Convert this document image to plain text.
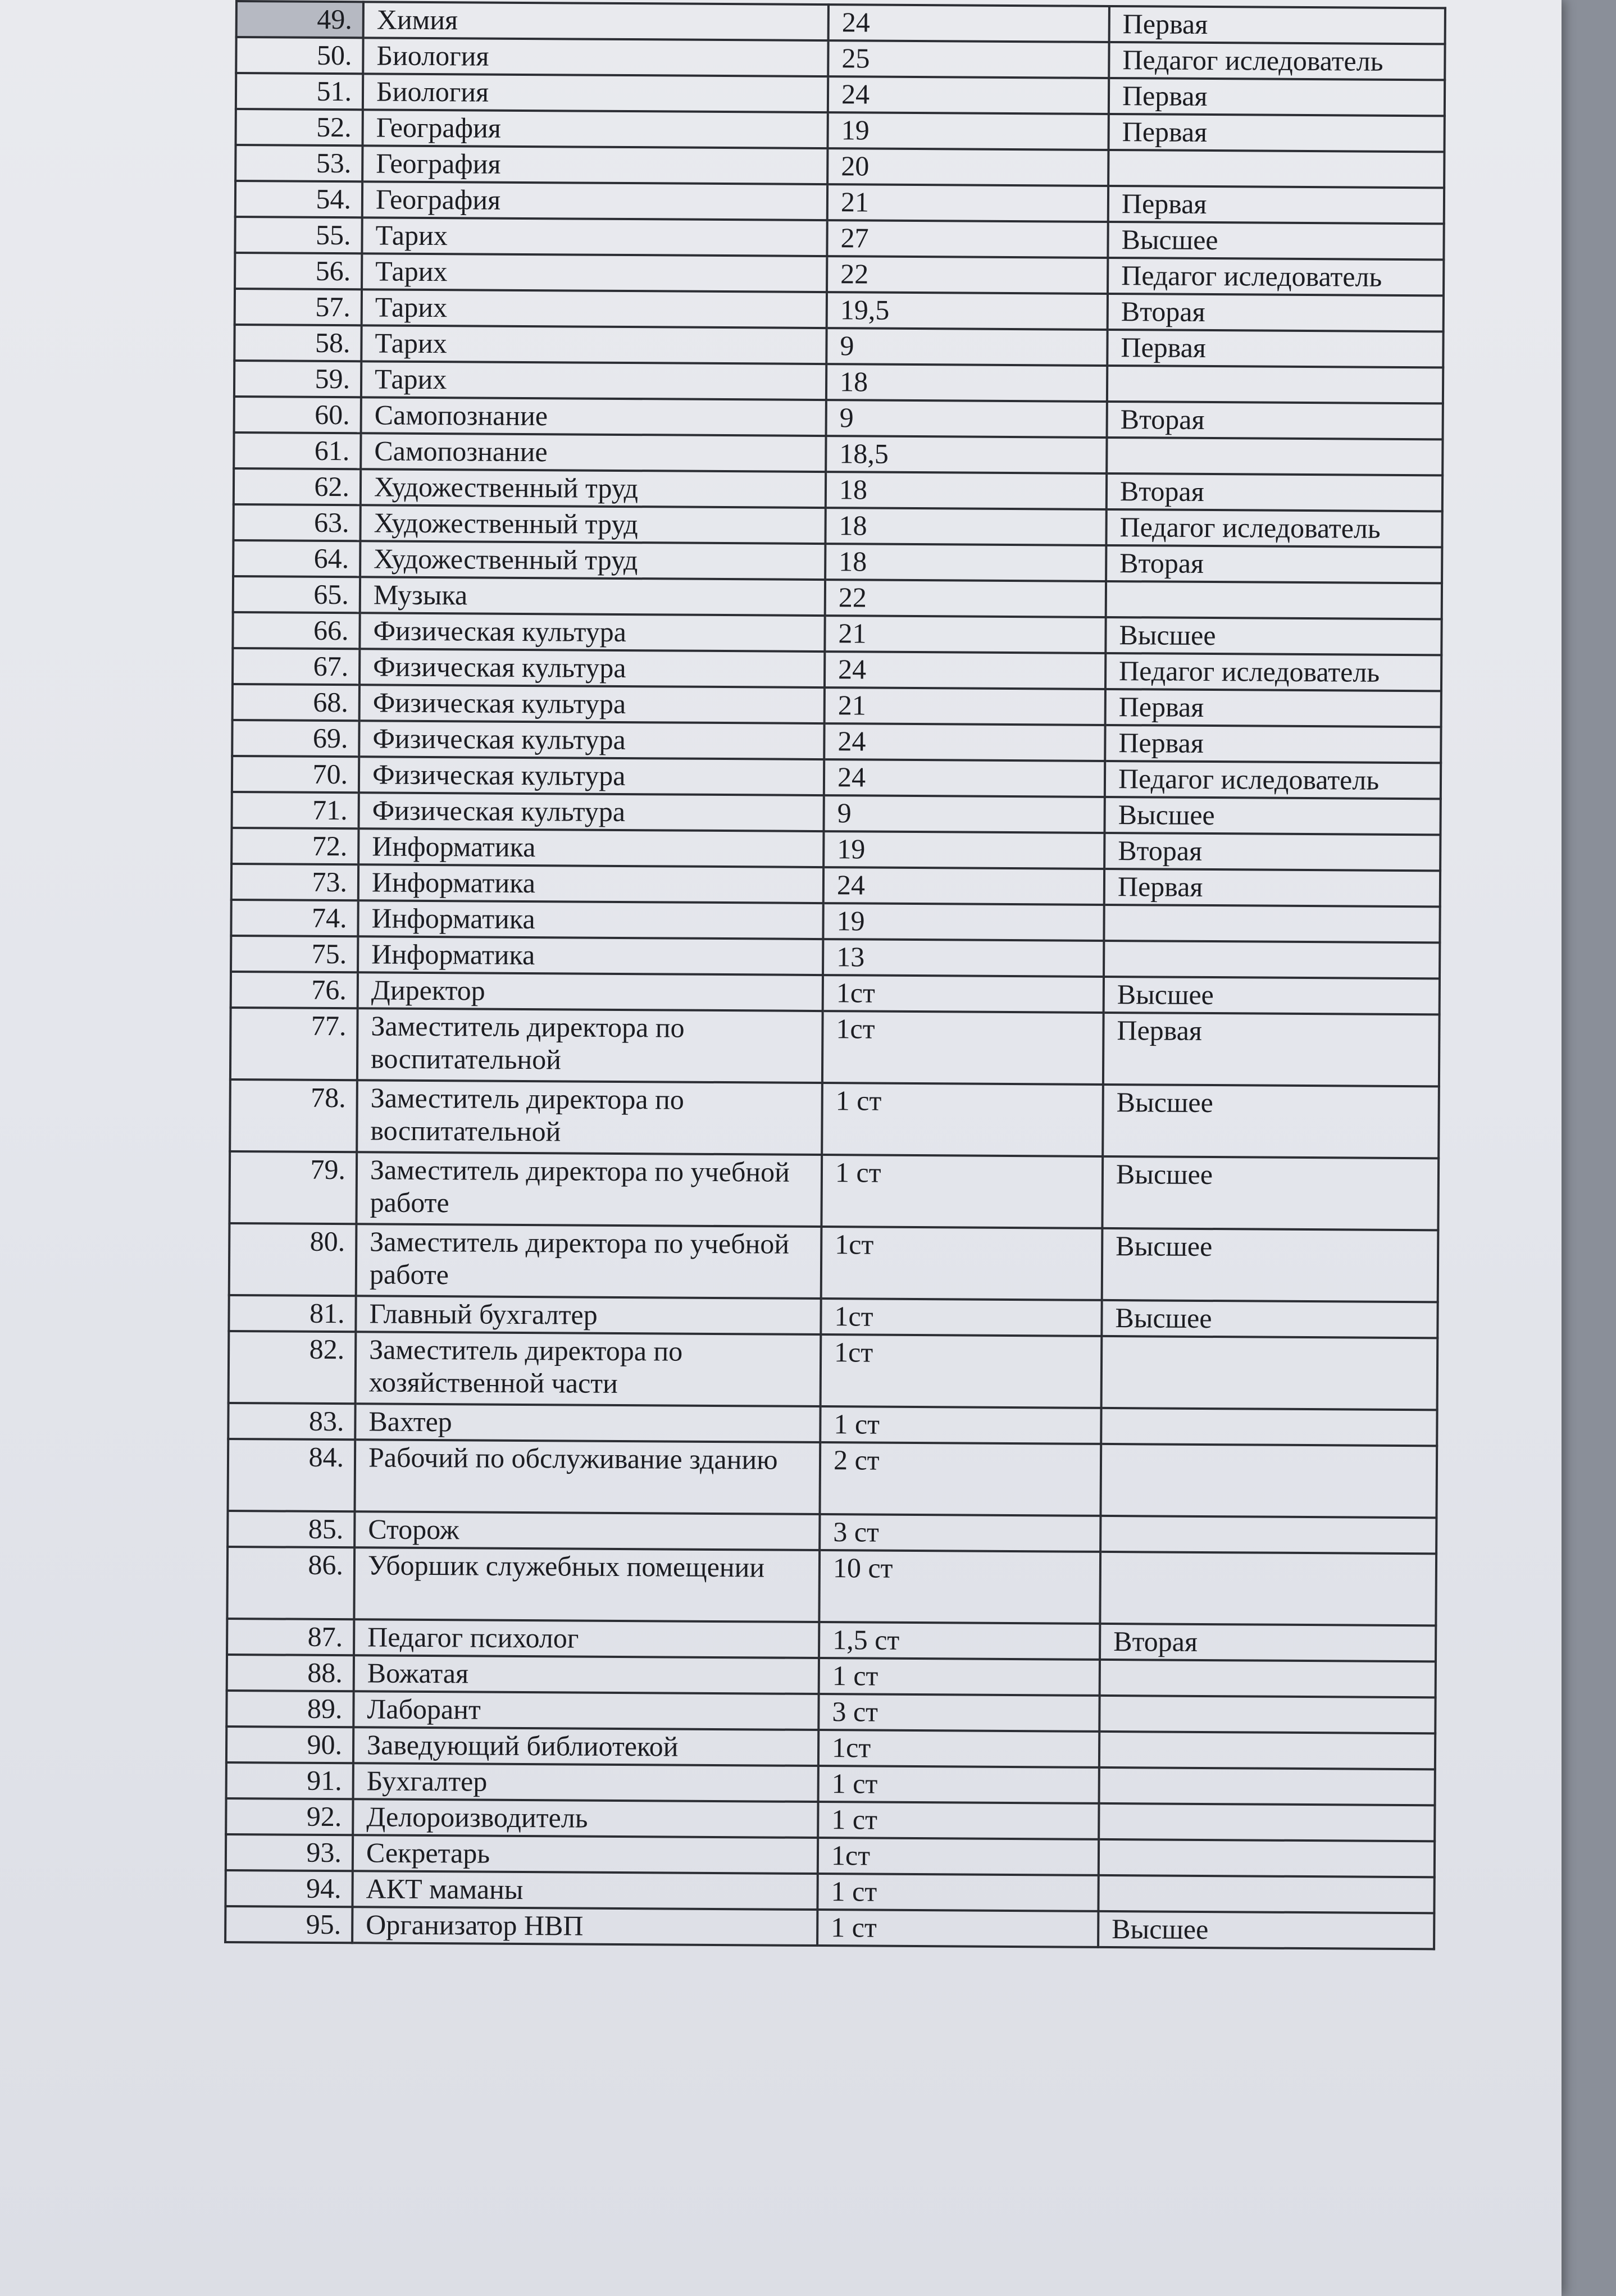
49.	Химия	24	Первая
50.	Биология	25	Педагог иследователь
51.	Биология	24	Первая
52.	География	19	Первая
53.	География	20	
54.	География	21	Первая
55.	Тарих	27	Высшее
56.	Тарих	22	Педагог иследователь
57.	Тарих	19,5	Вторая
58.	Тарих	9	Первая
59.	Тарих	18	
60.	Самопознание	9	Вторая
61.	Самопознание	18,5	
62.	Художественный труд	18	Вторая
63.	Художественный труд	18	Педагог иследователь
64.	Художественный труд	18	Вторая
65.	Музыка	22	
66.	Физическая культура	21	Высшее
67.	Физическая культура	24	Педагог иследователь
68.	Физическая культура	21	Первая
69.	Физическая культура	24	Первая
70.	Физическая культура	24	Педагог иследователь
71.	Физическая культура	9	Высшее
72.	Информатика	19	Вторая
73.	Информатика	24	Первая
74.	Информатика	19	
75.	Информатика	13	
76.	Директор	1ст	Высшее
77.	Заместитель директора по воспитательной	1ст	Первая
78.	Заместитель директора по воспитательной	1 ст	Высшее
79.	Заместитель директора по учебной работе	1 ст	Высшее
80.	Заместитель директора по учебной работе	1ст	Высшее
81.	Главный бухгалтер	1ст	Высшее
82.	Заместитель директора по хозяйственной части	1ст	
83.	Вахтер	1 ст	
84.	Рабочий по обслуживание зданию	2 ст	
85.	Сторож	3 ст	
86.	Уборшик служебных помещении	10 ст	
87.	Педагог психолог	1,5 ст	Вторая
88.	Вожатая	1 ст	
89.	Лаборант	3 ст	
90.	Заведующий библиотекой	1ст	
91.	Бухгалтер	1 ст	
92.	Делороизводитель	1 ст	
93.	Секретарь	1ст	
94.	АКТ маманы	1 ст	
95.	Организатор НВП	1 ст	Высшее
